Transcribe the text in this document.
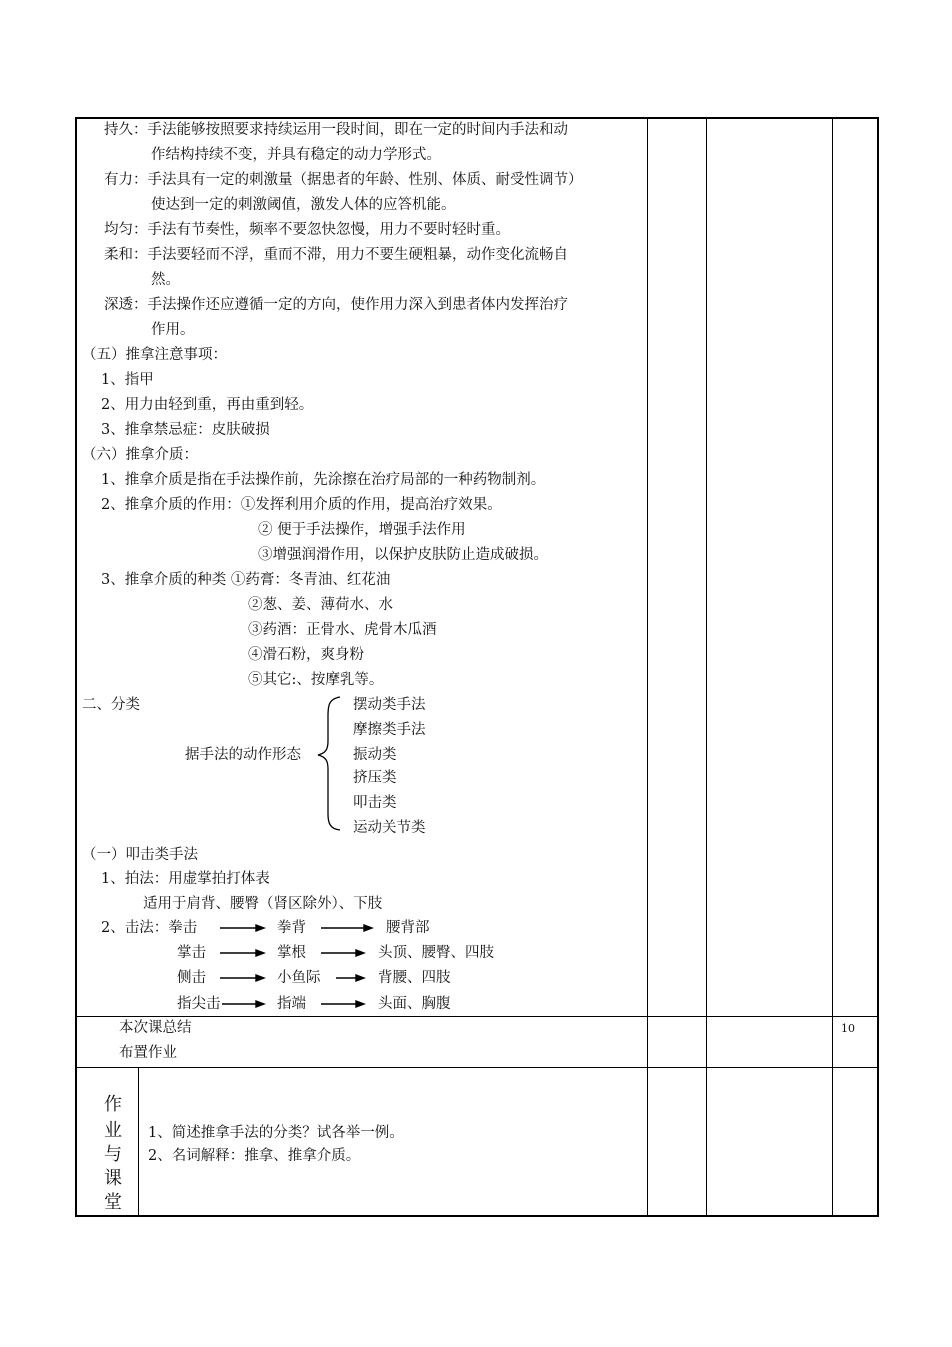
持久：手法能够按照要求持续运用一段时间，即在一定的时间内手法和动
作结构持续不变，并具有稳定的动力学形式。
有力：手法具有一定的刺激量（据患者的年龄、性别、体质、耐受性调节）
使达到一定的刺激阈值，激发人体的应答机能。
均匀：手法有节奏性，频率不要忽快忽慢，用力不要时轻时重。
柔和：手法要轻而不浮，重而不滞，用力不要生硬粗暴，动作变化流畅自
然。
深透：手法操作还应遵循一定的方向，使作用力深入到患者体内发挥治疗
作用。
（五）推拿注意事项：
1、指甲
2、用力由轻到重，再由重到轻。
3、推拿禁忌症：皮肤破损
（六）推拿介质：
1、推拿介质是指在手法操作前，先涂擦在治疗局部的一种药物制剂。
2、推拿介质的作用：①发挥利用介质的作用，提高治疗效果。
② 便于手法操作，增强手法作用
③增强润滑作用，以保护皮肤防止造成破损。
3、推拿介质的种类 ①药膏：冬青油、红花油
②葱、姜、薄荷水、水
③药酒：正骨水、虎骨木瓜酒
④滑石粉，爽身粉
⑤其它:、按摩乳等。
二、分类
据手法的动作形态
摆动类手法
摩擦类手法
振动类
挤压类
叩击类
运动关节类
（一）叩击类手法
1、拍法：用虚掌拍打体表
适用于肩背、腰臀（肾区除外）、下肢
2、击法：拳击	拳背	腰背部
掌击	掌根	头顶、腰臀、四肢
侧击	小鱼际	背腰、四肢
指尖击	指端	头面、胸腹
本次课总结
布置作业
10
作
业
与
课
堂
1、简述推拿手法的分类？试各举一例。
2、名词解释：推拿、推拿介质。
